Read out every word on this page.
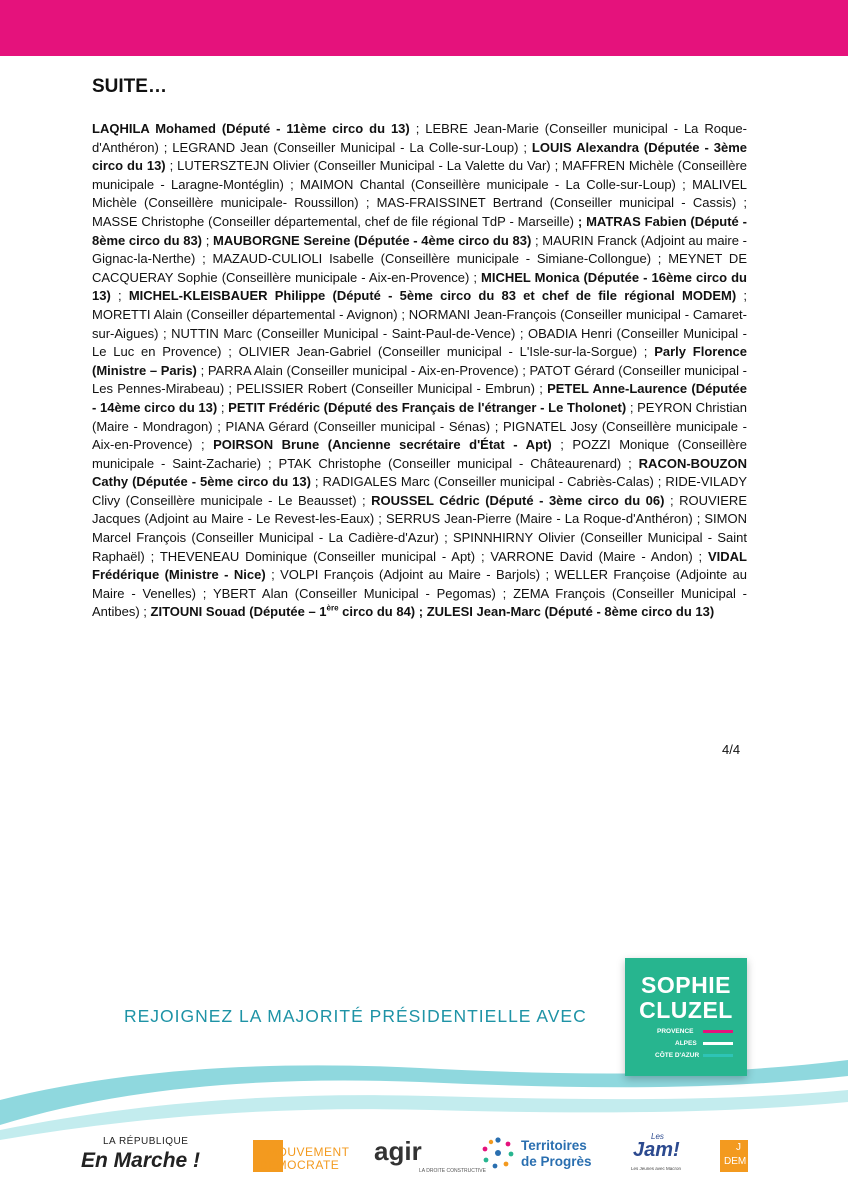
SUITE…

LAQHILA Mohamed (Député - 11ème circo du 13) ; LEBRE Jean-Marie (Conseiller municipal - La Roque-d'Anthéron) ; LEGRAND Jean (Conseiller Municipal - La Colle-sur-Loup) ; LOUIS Alexandra (Députée - 3ème circo du 13) ; LUTERSZTEJN Olivier (Conseiller Municipal - La Valette du Var) ; MAFFREN Michèle (Conseillère municipale - Laragne-Montéglin) ; MAIMON Chantal (Conseillère municipale - La Colle-sur-Loup) ; MALIVEL Michèle (Conseillère municipale- Roussillon) ; MAS-FRAISSINET Bertrand (Conseiller municipal - Cassis) ; MASSE Christophe (Conseiller départemental, chef de file régional TdP - Marseille) ; MATRAS Fabien (Député - 8ème circo du 83) ; MAUBORGNE Sereine (Députée - 4ème circo du 83) ; MAURIN Franck (Adjoint au maire - Gignac-la-Nerthe) ; MAZAUD-CULIOLI Isabelle (Conseillère municipale - Simiane-Collongue) ; MEYNET DE CACQUERAY Sophie (Conseillère municipale - Aix-en-Provence) ; MICHEL Monica (Députée - 16ème circo du 13) ; MICHEL-KLEISBAUER Philippe (Député - 5ème circo du 83 et chef de file régional MODEM) ; MORETTI Alain (Conseiller départemental - Avignon) ; NORMANI Jean-François (Conseiller municipal - Camaret-sur-Aigues) ; NUTTIN Marc (Conseiller Municipal - Saint-Paul-de-Vence) ; OBADIA Henri (Conseiller Municipal - Le Luc en Provence) ; OLIVIER Jean-Gabriel (Conseiller municipal - L'Isle-sur-la-Sorgue) ; Parly Florence (Ministre – Paris) ; PARRA Alain (Conseiller municipal - Aix-en-Provence) ; PATOT Gérard (Conseiller municipal - Les Pennes-Mirabeau) ; PELISSIER Robert (Conseiller Municipal - Embrun) ; PETEL Anne-Laurence (Députée - 14ème circo du 13) ; PETIT Frédéric (Député des Français de l'étranger - Le Tholonet) ; PEYRON Christian (Maire - Mondragon) ; PIANA Gérard (Conseiller municipal - Sénas) ; PIGNATEL Josy (Conseillère municipale - Aix-en-Provence) ; POIRSON Brune (Ancienne secrétaire d'État - Apt) ; POZZI Monique (Conseillère municipale - Saint-Zacharie) ; PTAK Christophe (Conseiller municipal - Châteaurenard) ; RACON-BOUZON Cathy (Députée - 5ème circo du 13) ; RADIGALES Marc (Conseiller municipal - Cabriès-Calas) ; RIDE-VILADY Clivy (Conseillère municipale - Le Beausset) ; ROUSSEL Cédric (Député - 3ème circo du 06) ; ROUVIERE Jacques (Adjoint au Maire - Le Revest-les-Eaux) ; SERRUS Jean-Pierre (Maire - La Roque-d'Anthéron) ; SIMON Marcel François (Conseiller Municipal - La Cadière-d'Azur) ; SPINNHIRNY Olivier (Conseiller Municipal - Saint Raphaël) ; THEVENEAU Dominique (Conseiller municipal - Apt) ; VARRONE David (Maire - Andon) ; VIDAL Frédérique (Ministre - Nice) ; VOLPI François (Adjoint au Maire - Barjols) ; WELLER Françoise (Adjointe au Maire - Venelles) ; YBERT Alan (Conseiller Municipal - Pegomas) ; ZEMA François (Conseiller Municipal - Antibes) ; ZITOUNI Souad (Députée – 1ère circo du 84) ; ZULESI Jean-Marc (Député - 8ème circo du 13)

4/4
REJOIGNEZ LA MAJORITÉ PRÉSIDENTIELLE AVEC
SOPHIE
CLUZEL
PROVENCE
ALPES
CÔTE D'AZUR
LA RÉPUBLIQUE
En Marche !	MOUVEMENT
DEMOCRATE agir
LA DROITE CONSTRUCTIVE
Territoires
de Progrès
Les
Jam!
Les Jeunes avec Macron
J
DEM
